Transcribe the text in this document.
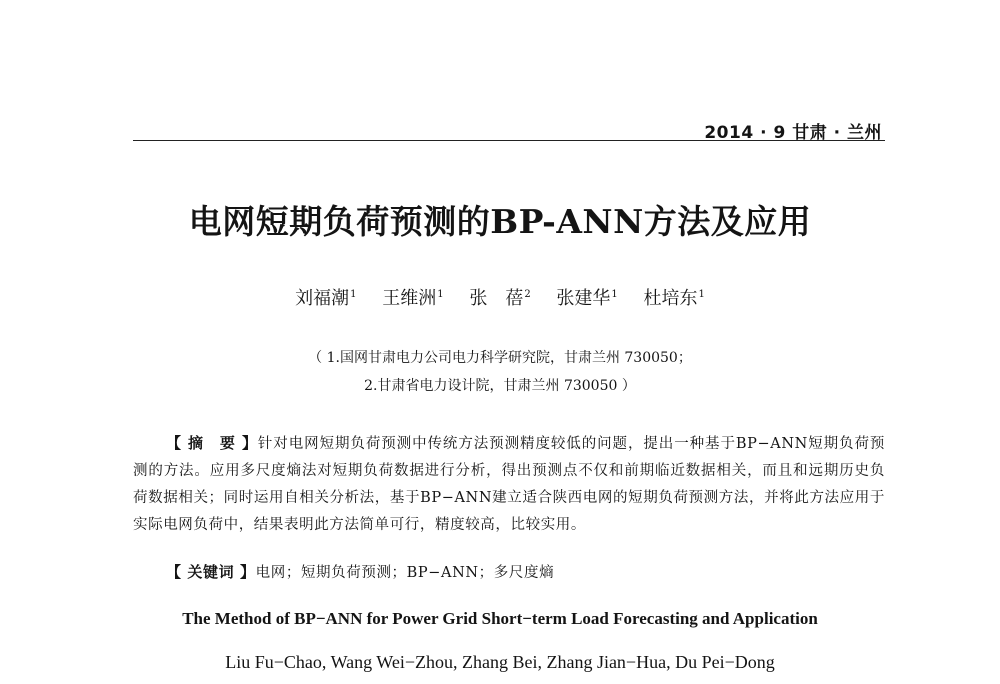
2014 · 9 甘肃 · 兰州
电网短期负荷预测的BP-ANN方法及应用
刘福潮$^1$ 王维洲$^1$ 张　蓓$^2$ 张建华$^1$ 杜培东$^1$
（ 1.国网甘肃电力公司电力科学研究院，甘肃兰州 730050；
2.甘肃省电力设计院，甘肃兰州 730050 ）
【 摘　要 】针对电网短期负荷预测中传统方法预测精度较低的问题，提出一种基于BP−ANN短期负荷预测的方法。应用多尺度熵法对短期负荷数据进行分析，得出预测点不仅和前期临近数据相关，而且和远期历史负荷数据相关；同时运用自相关分析法，基于BP−ANN建立适合陕西电网的短期负荷预测方法，并将此方法应用于实际电网负荷中，结果表明此方法简单可行，精度较高，比较实用。
【 关键词 】电网；短期负荷预测；BP−ANN；多尺度熵
The Method of BP−ANN for Power Grid Short−term Load Forecasting and Application
Liu Fu−Chao, Wang Wei−Zhou, Zhang Bei, Zhang Jian−Hua, Du Pei−Dong
